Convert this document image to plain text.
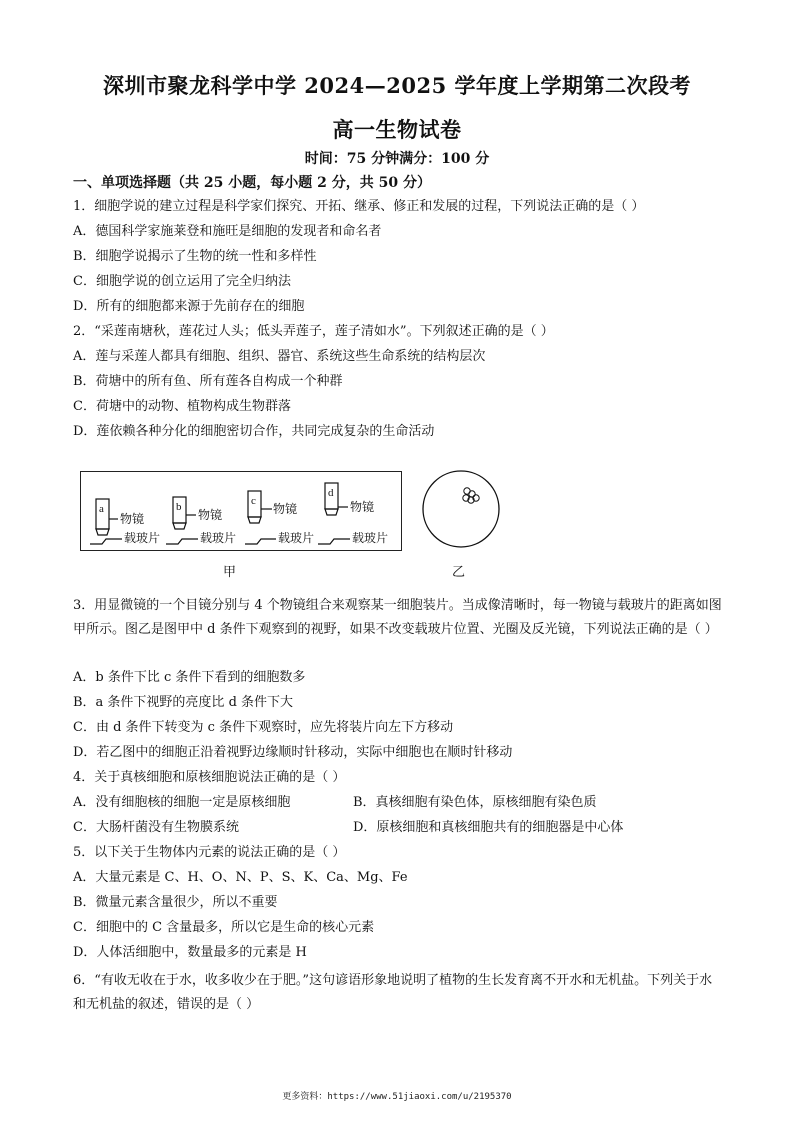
深圳市聚龙科学中学 2024—2025 学年度上学期第二次段考
高一生物试卷
时间：75 分钟满分：100 分
一、单项选择题（共 25 小题，每小题 2 分，共 50 分）
1．细胞学说的建立过程是科学家们探究、开拓、继承、修正和发展的过程，下列说法正确的是（ ）
A．德国科学家施莱登和施旺是细胞的发现者和命名者
B．细胞学说揭示了生物的统一性和多样性
C．细胞学说的创立运用了完全归纳法
D．所有的细胞都来源于先前存在的细胞
2．“采莲南塘秋，莲花过人头；低头弄莲子，莲子清如水”。下列叙述正确的是（ ）
A．莲与采莲人都具有细胞、组织、器官、系统这些生命系统的结构层次
B．荷塘中的所有鱼、所有莲各自构成一个种群
C．荷塘中的动物、植物构成生物群落
D．莲依赖各种分化的细胞密切合作，共同完成复杂的生命活动
a	b	c
d
物镜	物镜	物镜	物镜
载玻片	载玻片	载玻片	载玻片
甲	乙
3．用显微镜的一个目镜分别与 4 个物镜组合来观察某一细胞装片。当成像清晰时，每一物镜与载玻片的距离如图甲所示。图乙是图甲中 d 条件下观察到的视野，如果不改变载玻片位置、光圈及反光镜，下列说法正确的是（ ）
A．b 条件下比 c 条件下看到的细胞数多
B．a 条件下视野的亮度比 d 条件下大
C．由 d 条件下转变为 c 条件下观察时，应先将装片向左下方移动
D．若乙图中的细胞正沿着视野边缘顺时针移动，实际中细胞也在顺时针移动
4．关于真核细胞和原核细胞说法正确的是（ ）
A．没有细胞核的细胞一定是原核细胞	B．真核细胞有染色体，原核细胞有染色质
C．大肠杆菌没有生物膜系统	D．原核细胞和真核细胞共有的细胞器是中心体
5．以下关于生物体内元素的说法正确的是（ ）
A．大量元素是 C、H、O、N、P、S、K、Ca、Mg、Fe
B．微量元素含量很少，所以不重要
C．细胞中的 C 含量最多，所以它是生命的核心元素
D．人体活细胞中，数量最多的元素是 H
6．“有收无收在于水，收多收少在于肥。”这句谚语形象地说明了植物的生长发育离不开水和无机盐。下列关于水和无机盐的叙述，错误的是（ ）
更多资料：https://www.51jiaoxi.com/u/2195370
